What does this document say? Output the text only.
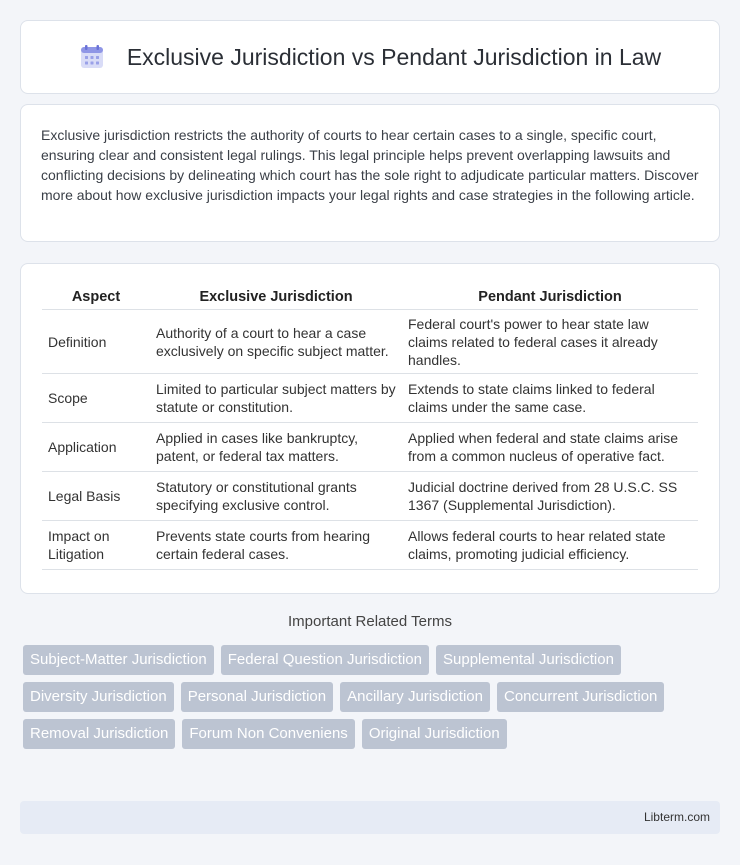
Exclusive Jurisdiction vs Pendant Jurisdiction in Law

Exclusive jurisdiction restricts the authority of courts to hear certain cases to a single, specific court, ensuring clear and consistent legal rulings. This legal principle helps prevent overlapping lawsuits and conflicting decisions by delineating which court has the sole right to adjudicate particular matters. Discover more about how exclusive jurisdiction impacts your legal rights and case strategies in the following article.

Aspect	Exclusive Jurisdiction	Pendant Jurisdiction
Definition	Authority of a court to hear a case exclusively on specific subject matter.	Federal court's power to hear state law claims related to federal cases it already handles.
Scope	Limited to particular subject matters by statute or constitution.	Extends to state claims linked to federal claims under the same case.
Application	Applied in cases like bankruptcy, patent, or federal tax matters.	Applied when federal and state claims arise from a common nucleus of operative fact.
Legal Basis	Statutory or constitutional grants specifying exclusive control.	Judicial doctrine derived from 28 U.S.C. SS 1367 (Supplemental Jurisdiction).
Impact on Litigation	Prevents state courts from hearing certain federal cases.	Allows federal courts to hear related state claims, promoting judicial efficiency.
Important Related Terms
Subject-Matter Jurisdiction	Federal Question Jurisdiction	Supplemental Jurisdiction
Diversity Jurisdiction	Personal Jurisdiction	Ancillary Jurisdiction	Concurrent Jurisdiction
Removal Jurisdiction	Forum Non Conveniens	Original Jurisdiction
Libterm.com
